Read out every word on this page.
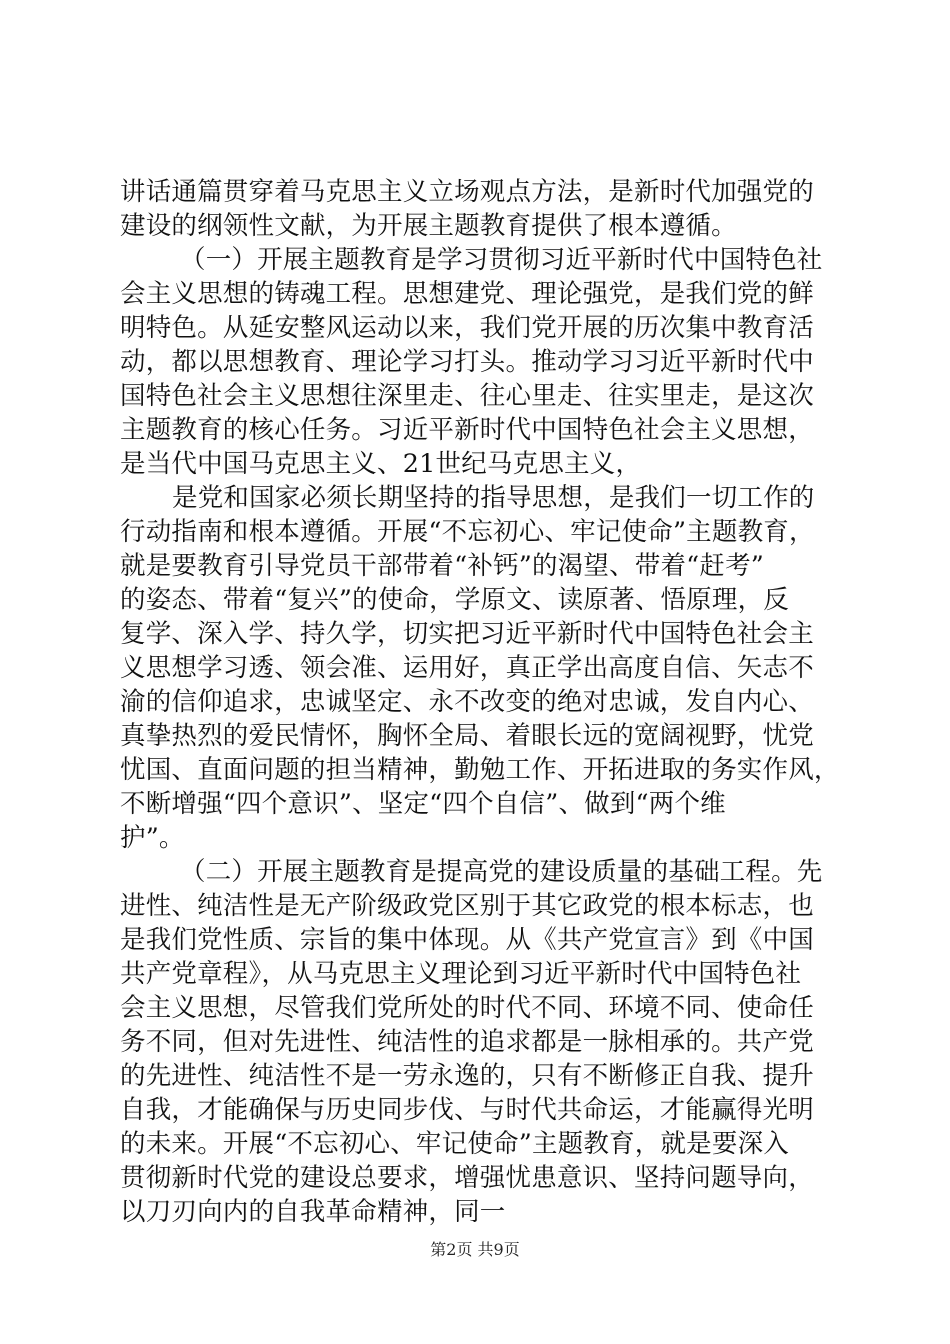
讲话通篇贯穿着马克思主义立场观点方法，是新时代加强党的
建设的纲领性文献，为开展主题教育提供了根本遵循。
（一）开展主题教育是学习贯彻习近平新时代中国特色社
会主义思想的铸魂工程。思想建党、理论强党，是我们党的鲜
明特色。从延安整风运动以来，我们党开展的历次集中教育活
动，都以思想教育、理论学习打头。推动学习习近平新时代中
国特色社会主义思想往深里走、往心里走、往实里走，是这次
主题教育的核心任务。习近平新时代中国特色社会主义思想，
是当代中国马克思主义、21世纪马克思主义，
是党和国家必须长期坚持的指导思想，是我们一切工作的
行动指南和根本遵循。开展“不忘初心、牢记使命”主题教育，
就是要教育引导党员干部带着“补钙”的渴望、带着“赶考”
的姿态、带着“复兴”的使命，学原文、读原著、悟原理，反
复学、深入学、持久学，切实把习近平新时代中国特色社会主
义思想学习透、领会准、运用好，真正学出高度自信、矢志不
渝的信仰追求，忠诚坚定、永不改变的绝对忠诚，发自内心、
真挚热烈的爱民情怀，胸怀全局、着眼长远的宽阔视野，忧党
忧国、直面问题的担当精神，勤勉工作、开拓进取的务实作风，
不断增强“四个意识”、坚定“四个自信”、做到“两个维
护”。
（二）开展主题教育是提高党的建设质量的基础工程。先
进性、纯洁性是无产阶级政党区别于其它政党的根本标志，也
是我们党性质、宗旨的集中体现。从《共产党宣言》到《中国
共产党章程》，从马克思主义理论到习近平新时代中国特色社
会主义思想，尽管我们党所处的时代不同、环境不同、使命任
务不同，但对先进性、纯洁性的追求都是一脉相承的。共产党
的先进性、纯洁性不是一劳永逸的，只有不断修正自我、提升
自我，才能确保与历史同步伐、与时代共命运，才能赢得光明
的未来。开展“不忘初心、牢记使命”主题教育，就是要深入
贯彻新时代党的建设总要求，增强忧患意识、坚持问题导向，
以刀刃向内的自我革命精神，同一
第2页 共9页
